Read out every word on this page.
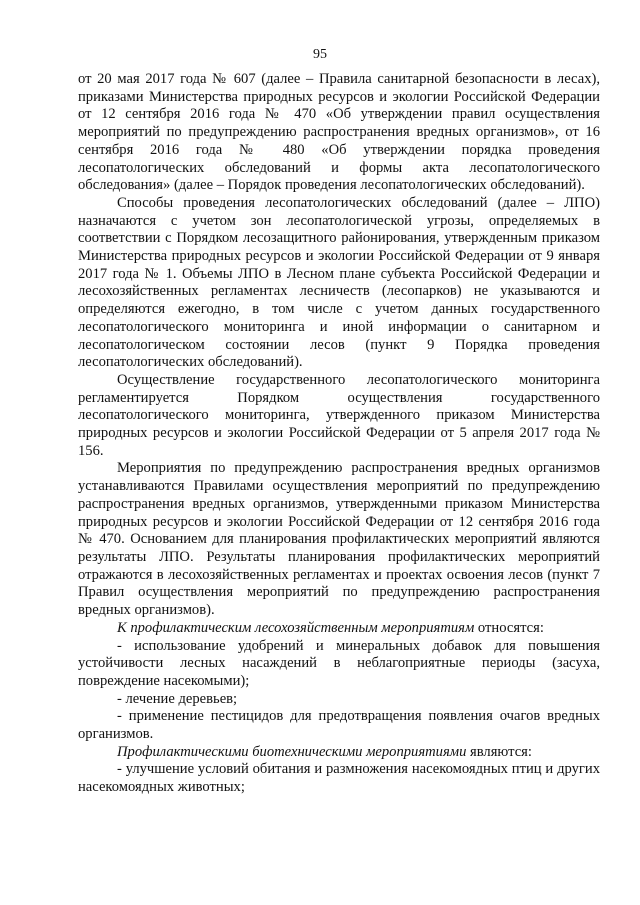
95

от 20 мая 2017 года № 607 (далее – Правила санитарной безопасности в лесах), приказами Министерства природных ресурсов и экологии Российской Федерации от 12 сентября 2016 года № 470 «Об утверждении правил осуществления мероприятий по предупреждению распространения вредных организмов», от 16 сентября 2016 года № 480 «Об утверждении порядка проведения лесопатологических обследований и формы акта лесопатологического обследования» (далее – Порядок проведения лесопатологических обследований).

Способы проведения лесопатологических обследований (далее – ЛПО) назначаются с учетом зон лесопатологической угрозы, определяемых в соответствии с Порядком лесозащитного районирования, утвержденным приказом Министерства природных ресурсов и экологии Российской Федерации от 9 января 2017 года № 1. Объемы ЛПО в Лесном плане субъекта Российской Федерации и лесохозяйственных регламентах лесничеств (лесопарков) не указываются и определяются ежегодно, в том числе с учетом данных государственного лесопатологического мониторинга и иной информации о санитарном и лесопатологическом состоянии лесов (пункт 9 Порядка проведения лесопатологических обследований).

Осуществление государственного лесопатологического мониторинга регламентируется Порядком осуществления государственного лесопатологического мониторинга, утвержденного приказом Министерства природных ресурсов и экологии Российской Федерации от 5 апреля 2017 года № 156.

Мероприятия по предупреждению распространения вредных организмов устанавливаются Правилами осуществления мероприятий по предупреждению распространения вредных организмов, утвержденными приказом Министерства природных ресурсов и экологии Российской Федерации от 12 сентября 2016 года № 470. Основанием для планирования профилактических мероприятий являются результаты ЛПО. Результаты планирования профилактических мероприятий отражаются в лесохозяйственных регламентах и проектах освоения лесов (пункт 7 Правил осуществления мероприятий по предупреждению распространения вредных организмов).

К профилактическим лесохозяйственным мероприятиям относятся:

- использование удобрений и минеральных добавок для повышения устойчивости лесных насаждений в неблагоприятные периоды (засуха, повреждение насекомыми);

- лечение деревьев;

- применение пестицидов для предотвращения появления очагов вредных организмов.

Профилактическими биотехническими мероприятиями являются:

- улучшение условий обитания и размножения насекомоядных птиц и других насекомоядных животных;
